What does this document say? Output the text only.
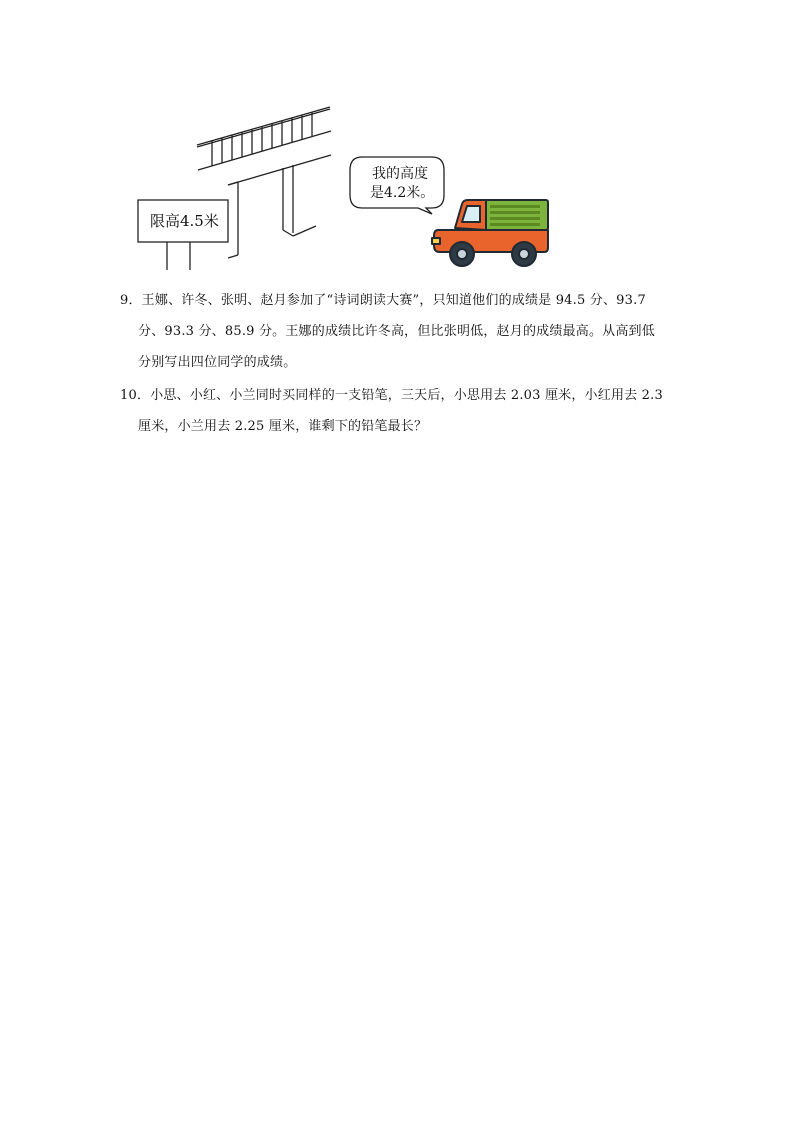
限高4.5米
我的高度
是4.2米。
9．王娜、许冬、张明、赵月参加了“诗词朗读大赛”，只知道他们的成绩是 94.5 分、93.7
分、93.3 分、85.9 分。王娜的成绩比许冬高，但比张明低，赵月的成绩最高。从高到低
分别写出四位同学的成绩。
10．小思、小红、小兰同时买同样的一支铅笔，三天后，小思用去 2.03 厘米，小红用去 2.3
厘米，小兰用去 2.25 厘米，谁剩下的铅笔最长？
